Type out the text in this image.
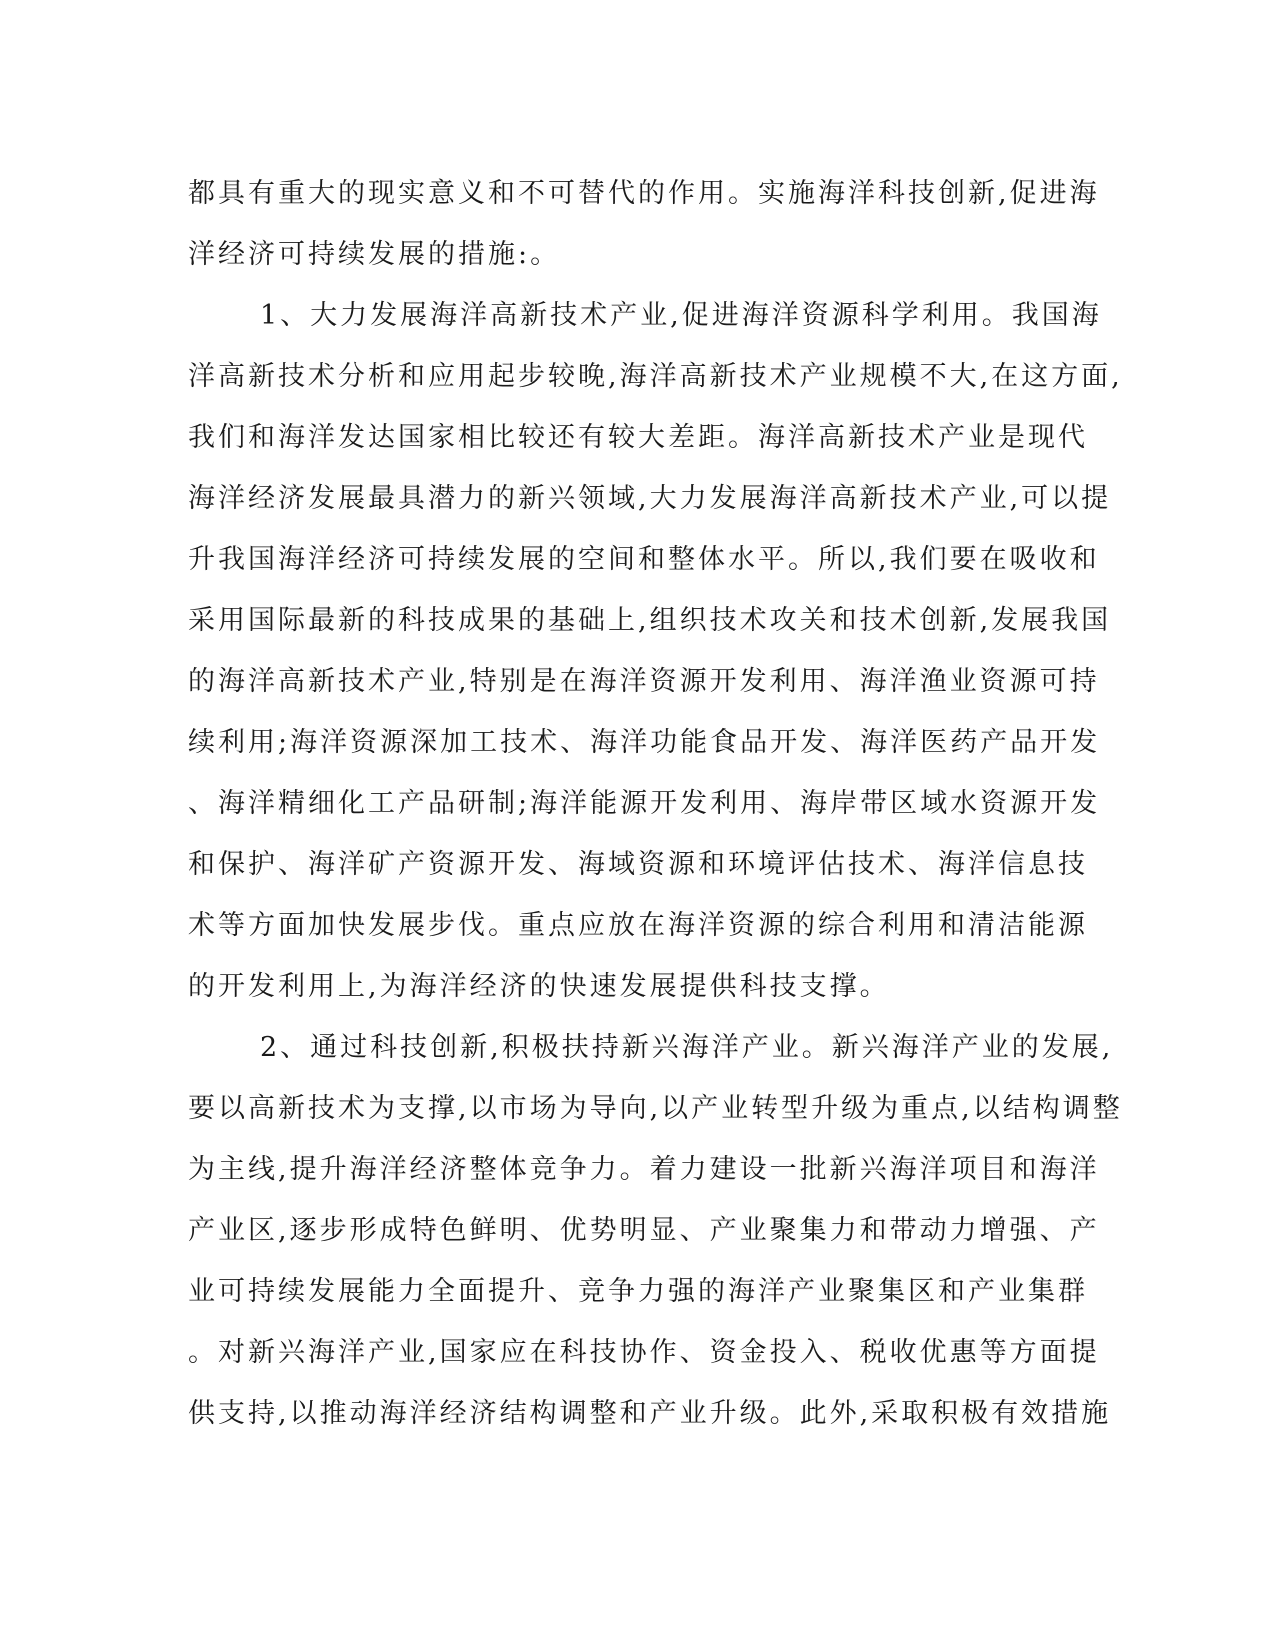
都具有重大的现实意义和不可替代的作用。实施海洋科技创新,促进海
洋经济可持续发展的措施:。
1、大力发展海洋高新技术产业,促进海洋资源科学利用。我国海
洋高新技术分析和应用起步较晚,海洋高新技术产业规模不大,在这方面,
我们和海洋发达国家相比较还有较大差距。海洋高新技术产业是现代
海洋经济发展最具潜力的新兴领域,大力发展海洋高新技术产业,可以提
升我国海洋经济可持续发展的空间和整体水平。所以,我们要在吸收和
采用国际最新的科技成果的基础上,组织技术攻关和技术创新,发展我国
的海洋高新技术产业,特别是在海洋资源开发利用、海洋渔业资源可持
续利用;海洋资源深加工技术、海洋功能食品开发、海洋医药产品开发
、海洋精细化工产品研制;海洋能源开发利用、海岸带区域水资源开发
和保护、海洋矿产资源开发、海域资源和环境评估技术、海洋信息技
术等方面加快发展步伐。重点应放在海洋资源的综合利用和清洁能源
的开发利用上,为海洋经济的快速发展提供科技支撑。
2、通过科技创新,积极扶持新兴海洋产业。新兴海洋产业的发展,
要以高新技术为支撑,以市场为导向,以产业转型升级为重点,以结构调整
为主线,提升海洋经济整体竞争力。着力建设一批新兴海洋项目和海洋
产业区,逐步形成特色鲜明、优势明显、产业聚集力和带动力增强、产
业可持续发展能力全面提升、竞争力强的海洋产业聚集区和产业集群
。对新兴海洋产业,国家应在科技协作、资金投入、税收优惠等方面提
供支持,以推动海洋经济结构调整和产业升级。此外,采取积极有效措施
